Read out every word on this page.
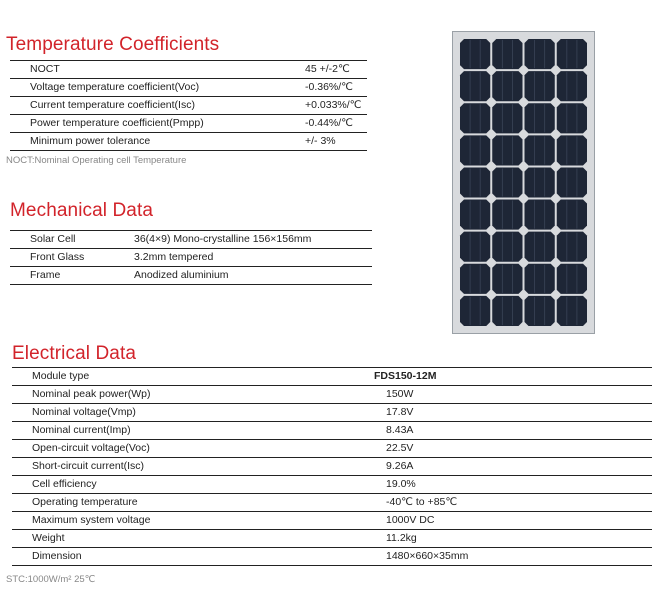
Temperature Coefficients
NOCT	45 +/-2℃
Voltage temperature coefficient(Voc)	-0.36%/℃
Current temperature coefficient(Isc)	+0.033%/℃
Power temperature coefficient(Pmpp)	-0.44%/℃
Minimum power tolerance	+/- 3%
NOCT:Nominal Operating cell Temperature
Mechanical Data
Solar Cell	36(4×9) Mono-crystalline 156×156mm
Front Glass	3.2mm tempered
Frame	Anodized aluminium
Electrical Data
Module type	FDS150-12M
Nominal peak power(Wp)	150W
Nominal voltage(Vmp)	17.8V
Nominal current(Imp)	8.43A
Open-circuit voltage(Voc)	22.5V
Short-circuit current(Isc)	9.26A
Cell efficiency	19.0%
Operating temperature	-40℃ to +85℃
Maximum system voltage	1000V DC
Weight	11.2kg
Dimension	1480×660×35mm
STC:1000W/m² 25℃
